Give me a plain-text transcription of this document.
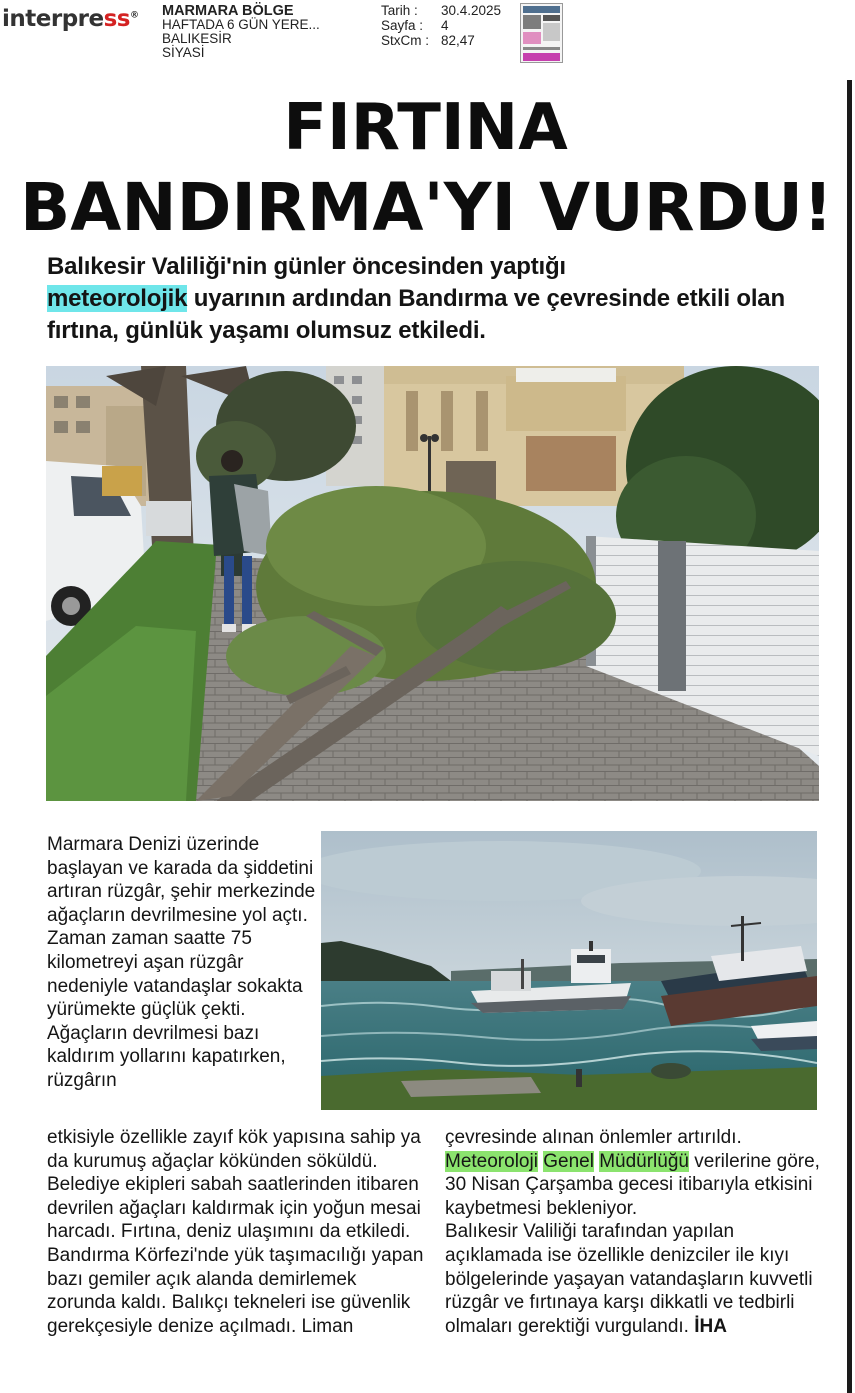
interpress® MARMARA BÖLGE
HAFTADA 6 GÜN YERE...
BALIKESİR
SİYASİ
Tarih :	30.4.2025
Sayfa :	4
StxCm : 82,47
FIRTINA
BANDIRMA'YI VURDU!
Balıkesir Valiliği'nin günler öncesinden yaptığı
meteorolojik uyarının ardından Bandırma ve çevresinde etkili olan fırtına, günlük yaşamı olumsuz etkiledi.

Marmara Denizi üzerinde başlayan ve karada da şiddetini artıran rüzgâr, şehir merkezinde ağaçların devrilmesine yol açtı. Zaman zaman saatte 75 kilometreyi aşan rüzgâr nedeniyle vatandaşlar sokakta yürümekte güçlük çekti. Ağaçların devrilmesi bazı kaldırım yollarını kapatırken, rüzgârın

etkisiyle özellikle zayıf kök yapısına sahip ya da kurumuş ağaçlar kökünden söküldü. Belediye ekipleri sabah saatlerinden itibaren devrilen ağaçları kaldırmak için yoğun mesai harcadı. Fırtına, deniz ulaşımını da etkiledi. Bandırma Körfezi'nde yük taşımacılığı yapan bazı gemiler açık alanda demirlemek zorunda kaldı. Balıkçı tekneleri ise güvenlik gerekçesiyle denize açılmadı. Liman

çevresinde alınan önlemler artırıldı.
Meteoroloji Genel Müdürlüğü verilerine göre, 30 Nisan Çarşamba gecesi itibarıyla etkisini kaybetmesi bekleniyor.

Balıkesir Valiliği tarafından yapılan açıklamada ise özellikle denizciler ile kıyı bölgelerinde yaşayan vatandaşların kuvvetli rüzgâr ve fırtınaya karşı dikkatli ve tedbirli olmaları gerektiği vurgulandı. İHA
